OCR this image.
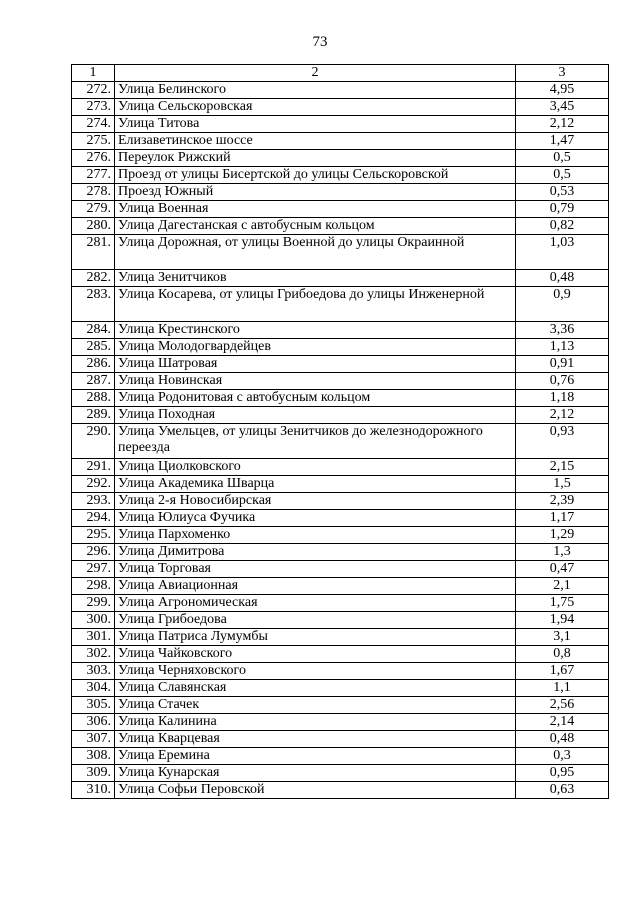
73
1	2	3
272.	Улица Белинского	4,95
273.	Улица Сельскоровская	3,45
274.	Улица Титова	2,12
275.	Елизаветинское шоссе	1,47
276.	Переулок Рижский	0,5
277.	Проезд от улицы Бисертской до улицы Сельскоровской	0,5
278.	Проезд Южный	0,53
279.	Улица Военная	0,79
280.	Улица Дагестанская с автобусным кольцом	0,82
281.	Улица Дорожная, от улицы Военной до улицы Окраинной	1,03
282.	Улица Зенитчиков	0,48
283.	Улица Косарева, от улицы Грибоедова до улицы Инженерной	0,9
284.	Улица Крестинского	3,36
285.	Улица Молодогвардейцев	1,13
286.	Улица Шатровая	0,91
287.	Улица Новинская	0,76
288.	Улица Родонитовая с автобусным кольцом	1,18
289.	Улица Походная	2,12
290.	Улица Умельцев, от улицы Зенитчиков до железнодорожного переезда	0,93
291.	Улица Циолковского	2,15
292.	Улица Академика Шварца	1,5
293.	Улица 2-я Новосибирская	2,39
294.	Улица Юлиуса Фучика	1,17
295.	Улица Пархоменко	1,29
296.	Улица Димитрова	1,3
297.	Улица Торговая	0,47
298.	Улица Авиационная	2,1
299.	Улица Агрономическая	1,75
300.	Улица Грибоедова	1,94
301.	Улица Патриса Лумумбы	3,1
302.	Улица Чайковского	0,8
303.	Улица Черняховского	1,67
304.	Улица Славянская	1,1
305.	Улица Стачек	2,56
306.	Улица Калинина	2,14
307.	Улица Кварцевая	0,48
308.	Улица Еремина	0,3
309.	Улица Кунарская	0,95
310.	Улица Софьи Перовской	0,63
